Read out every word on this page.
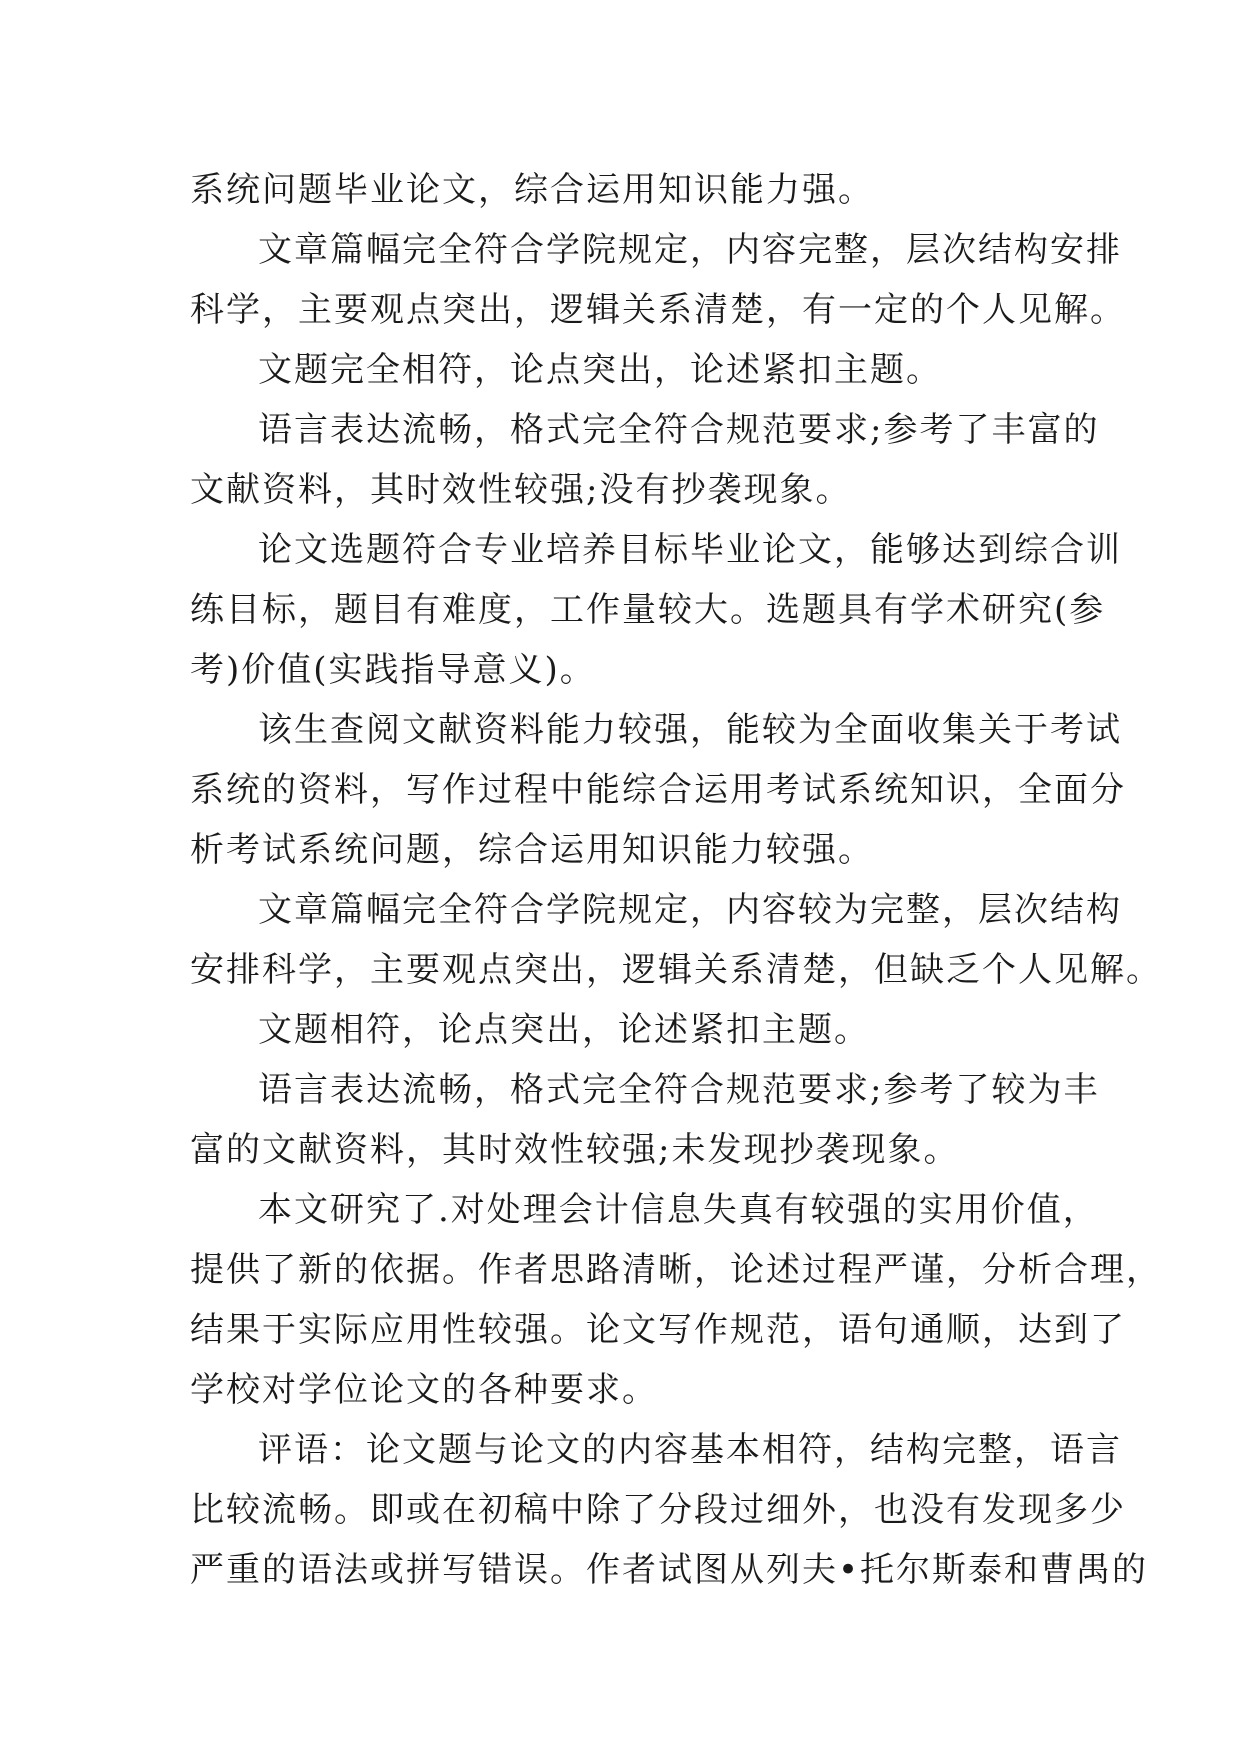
系统问题毕业论文，综合运用知识能力强。
文章篇幅完全符合学院规定，内容完整，层次结构安排
科学，主要观点突出，逻辑关系清楚，有一定的个人见解。
文题完全相符，论点突出，论述紧扣主题。
语言表达流畅，格式完全符合规范要求;参考了丰富的
文献资料，其时效性较强;没有抄袭现象。
论文选题符合专业培养目标毕业论文，能够达到综合训
练目标，题目有难度，工作量较大。选题具有学术研究(参
考)价值(实践指导意义)。
该生查阅文献资料能力较强，能较为全面收集关于考试
系统的资料，写作过程中能综合运用考试系统知识，全面分
析考试系统问题，综合运用知识能力较强。
文章篇幅完全符合学院规定，内容较为完整，层次结构
安排科学，主要观点突出，逻辑关系清楚，但缺乏个人见解。
文题相符，论点突出，论述紧扣主题。
语言表达流畅，格式完全符合规范要求;参考了较为丰
富的文献资料，其时效性较强;未发现抄袭现象。
本文研究了.对处理会计信息失真有较强的实用价值，
提供了新的依据。作者思路清晰，论述过程严谨，分析合理，
结果于实际应用性较强。论文写作规范，语句通顺，达到了
学校对学位论文的各种要求。
评语：论文题与论文的内容基本相符，结构完整，语言
比较流畅。即或在初稿中除了分段过细外，也没有发现多少
严重的语法或拼写错误。作者试图从列夫•托尔斯泰和曹禺的
